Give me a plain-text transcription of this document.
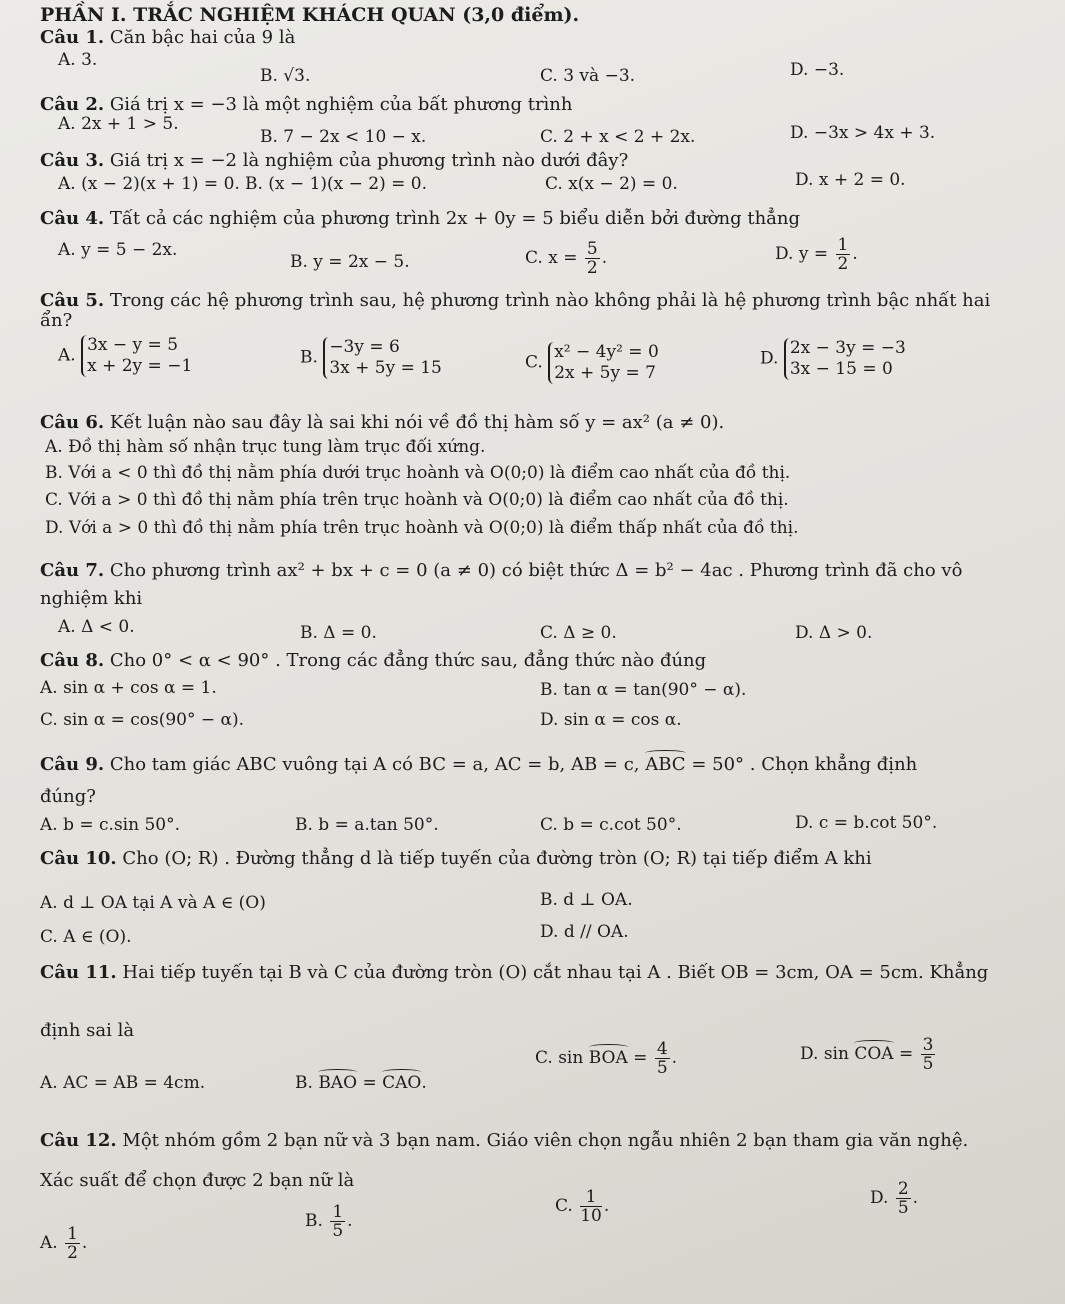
PHẦN I. TRẮC NGHIỆM KHÁCH QUAN (3,0 điểm).
Câu 1. Căn bậc hai của 9 là
A. 3.
B. √3.	C. 3 và −3.	D. −3.
Câu 2. Giá trị x = −3 là một nghiệm của bất phương trình
A. 2x + 1 > 5.
B. 7 − 2x < 10 − x.	C. 2 + x < 2 + 2x.	D. −3x > 4x + 3.
Câu 3. Giá trị x = −2 là nghiệm của phương trình nào dưới đây?
A. (x − 2)(x + 1) = 0. B. (x − 1)(x − 2) = 0.	C. x(x − 2) = 0.	D. x + 2 = 0.
Câu 4. Tất cả các nghiệm của phương trình 2x + 0y = 5 biểu diễn bởi đường thẳng
A. y = 5 − 2x.
B. y = 2x − 5.	C. $x = \frac{5}{2}$ .	D. $y = \frac{1}{2}$ .
Câu 5. Trong các hệ phương trình sau, hệ phương trình nào không phải là hệ phương trình bậc nhất hai
ẩn?
A.
3x − y = 5
x + 2y = −1	B.
−3y = 6
3x + 5y = 15	C.
x² − 4y² = 0
2x + 5y = 7
D.
2x − 3y = −3
3x − 15 = 0
Câu 6. Kết luận nào sau đây là sai khi nói về đồ thị hàm số y = ax² (a ≠ 0).
A. Đồ thị hàm số nhận trục tung làm trục đối xứng.
B. Với a < 0 thì đồ thị nằm phía dưới trục hoành và O(0;0) là điểm cao nhất của đồ thị.
C. Với a > 0 thì đồ thị nằm phía trên trục hoành và O(0;0) là điểm cao nhất của đồ thị.
D. Với a > 0 thì đồ thị nằm phía trên trục hoành và O(0;0) là điểm thấp nhất của đồ thị.
Câu 7. Cho phương trình ax² + bx + c = 0 (a ≠ 0) có biệt thức Δ = b² − 4ac . Phương trình đã cho vô
nghiệm khi
A. Δ < 0.	B. Δ = 0.	C. Δ ≥ 0.	D. Δ > 0.
Câu 8. Cho 0° < α < 90° . Trong các đẳng thức sau, đẳng thức nào đúng
A. sin α + cos α = 1.	B. tan α = tan(90° − α).
C. sin α = cos(90° − α).	D. sin α = cos α.
Câu 9. Cho tam giác ABC vuông tại A có BC = a, AC = b, AB = c, ABC = 50° . Chọn khẳng định
đúng?
A. b = c.sin 50°.	B. b = a.tan 50°.	C. b = c.cot 50°.	D. c = b.cot 50°.
Câu 10. Cho (O; R) . Đường thẳng d là tiếp tuyến của đường tròn (O; R) tại tiếp điểm A khi
A. d ⊥ OA tại A và A ∈ (O)	B. d ⊥ OA.
C. A ∈ (O).	D. d // OA.
Câu 11. Hai tiếp tuyến tại B và C của đường tròn (O) cắt nhau tại A . Biết OB = 3cm, OA = 5cm. Khẳng
định sai là
A. AC = AB = 4cm.	B. BAO = CAO.
C. sin BOA = $\frac{4}{5}$ .	D. sin COA = $\frac{3}{5}$
Câu 12. Một nhóm gồm 2 bạn nữ và 3 bạn nam. Giáo viên chọn ngẫu nhiên 2 bạn tham gia văn nghệ.
Xác suất để chọn được 2 bạn nữ là
A. $\frac{1}{2}$ .
B. $\frac{1}{5}$ .
C. $\frac{1}{10}$ .	D. $\frac{2}{5}$ .
